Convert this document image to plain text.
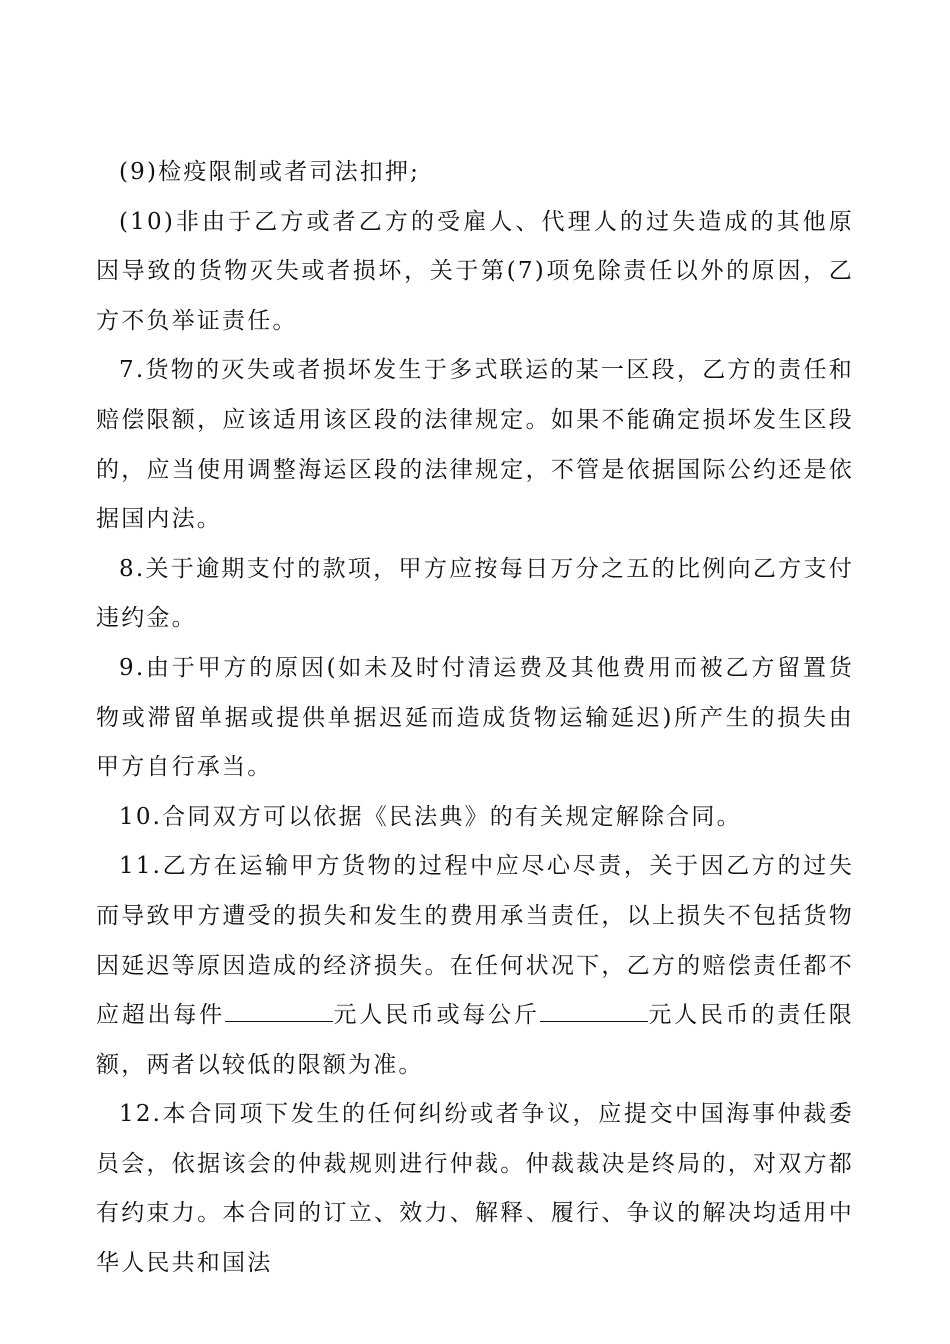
(9)检疫限制或者司法扣押;

(10)非由于乙方或者乙方的受雇人、代理人的过失造成的其他原因导致的货物灭失或者损坏，关于第(7)项免除责任以外的原因，乙方不负举证责任。

7.货物的灭失或者损坏发生于多式联运的某一区段，乙方的责任和赔偿限额，应该适用该区段的法律规定。如果不能确定损坏发生区段的，应当使用调整海运区段的法律规定，不管是依据国际公约还是依据国内法。

8.关于逾期支付的款项，甲方应按每日万分之五的比例向乙方支付违约金。

9.由于甲方的原因(如未及时付清运费及其他费用而被乙方留置货物或滞留单据或提供单据迟延而造成货物运输延迟)所产生的损失由甲方自行承当。

10.合同双方可以依据《民法典》的有关规定解除合同。

11.乙方在运输甲方货物的过程中应尽心尽责，关于因乙方的过失而导致甲方遭受的损失和发生的费用承当责任，以上损失不包括货物因延迟等原因造成的经济损失。在任何状况下，乙方的赔偿责任都不应超出每件	元人民币或每公斤	元人民币的责任限额，两者以较低的限额为准。

12.本合同项下发生的任何纠纷或者争议，应提交中国海事仲裁委员会，依据该会的仲裁规则进行仲裁。仲裁裁决是终局的，对双方都有约束力。本合同的订立、效力、解释、履行、争议的解决均适用中华人民共和国法
